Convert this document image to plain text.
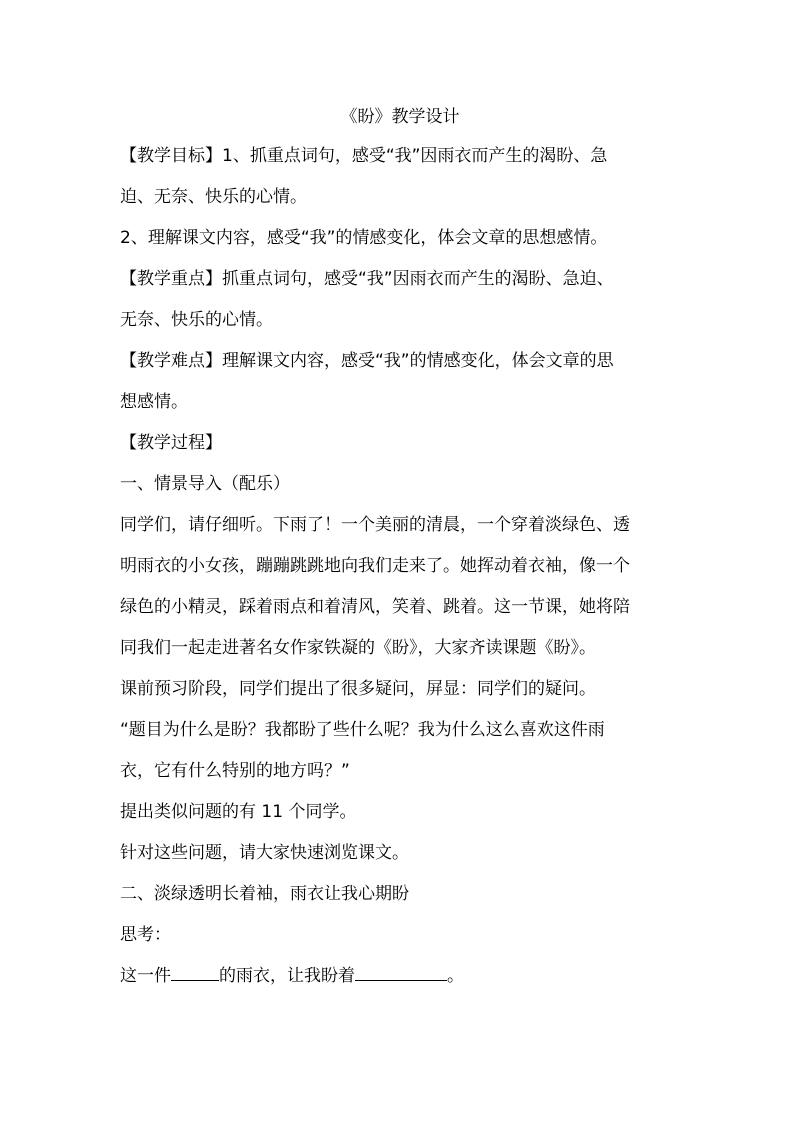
《盼》教学设计
【教学目标】1、抓重点词句，感受“我”因雨衣而产生的渴盼、急
迫、无奈、快乐的心情。
2、理解课文内容，感受“我”的情感变化，体会文章的思想感情。
【教学重点】抓重点词句，感受“我”因雨衣而产生的渴盼、急迫、
无奈、快乐的心情。
【教学难点】理解课文内容，感受“我”的情感变化，体会文章的思
想感情。
【教学过程】
一、情景导入（配乐）
同学们，请仔细听。下雨了！一个美丽的清晨，一个穿着淡绿色、透
明雨衣的小女孩，蹦蹦跳跳地向我们走来了。她挥动着衣袖，像一个
绿色的小精灵，踩着雨点和着清风，笑着、跳着。这一节课，她将陪
同我们一起走进著名女作家铁凝的《盼》，大家齐读课题《盼》。
课前预习阶段，同学们提出了很多疑问，屏显：同学们的疑问。
“题目为什么是盼？我都盼了些什么呢？我为什么这么喜欢这件雨
衣，它有什么特别的地方吗？”
提出类似问题的有 11 个同学。
针对这些问题，请大家快速浏览课文。
二、淡绿透明长着袖，雨衣让我心期盼
思考：
这一件	的雨衣，让我盼着	。
